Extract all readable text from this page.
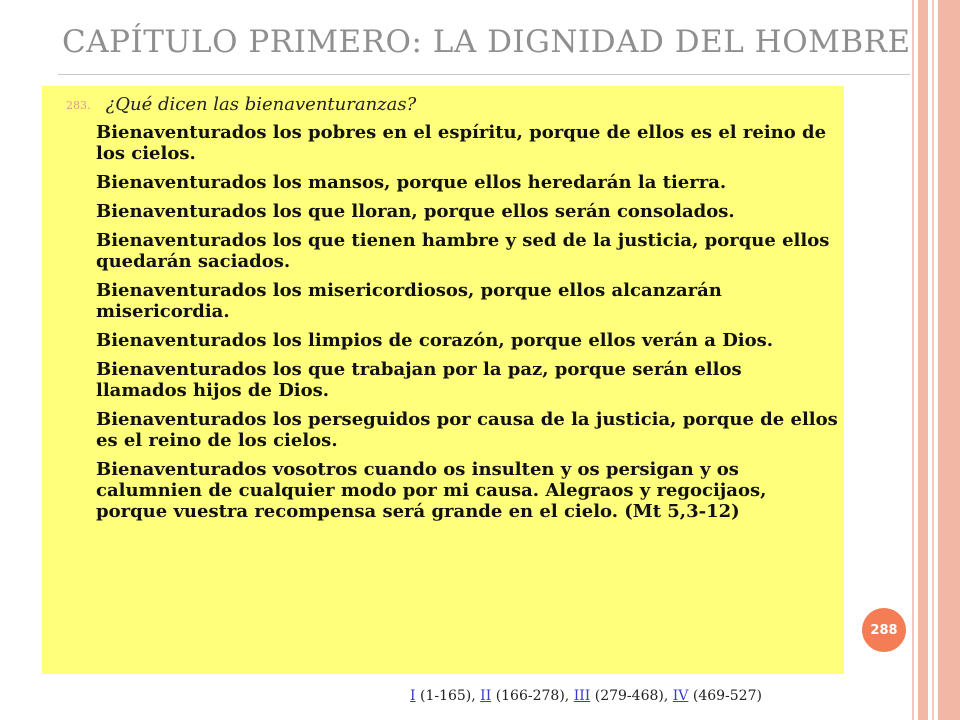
CAPÍTULO PRIMERO: LA DIGNIDAD DEL HOMBRE
283. ¿Qué dicen las bienaventuranzas?
Bienaventurados los pobres en el espíritu, porque de ellos es el reino de los cielos.
Bienaventurados los mansos, porque ellos heredarán la tierra.
Bienaventurados los que lloran, porque ellos serán consolados.
Bienaventurados los que tienen hambre y sed de la justicia, porque ellos quedarán saciados.
Bienaventurados los misericordiosos, porque ellos alcanzarán misericordia.
Bienaventurados los limpios de corazón, porque ellos verán a Dios.
Bienaventurados los que trabajan por la paz, porque serán ellos llamados hijos de Dios.
Bienaventurados los perseguidos por causa de la justicia, porque de ellos es el reino de los cielos.
Bienaventurados vosotros cuando os insulten y os persigan y os calumnien de cualquier modo por mi causa. Alegraos y regocijaos, porque vuestra recompensa será grande en el cielo. (Mt 5,3-12)
288
I (1-165), II (166-278), III (279-468), IV (469-527)
